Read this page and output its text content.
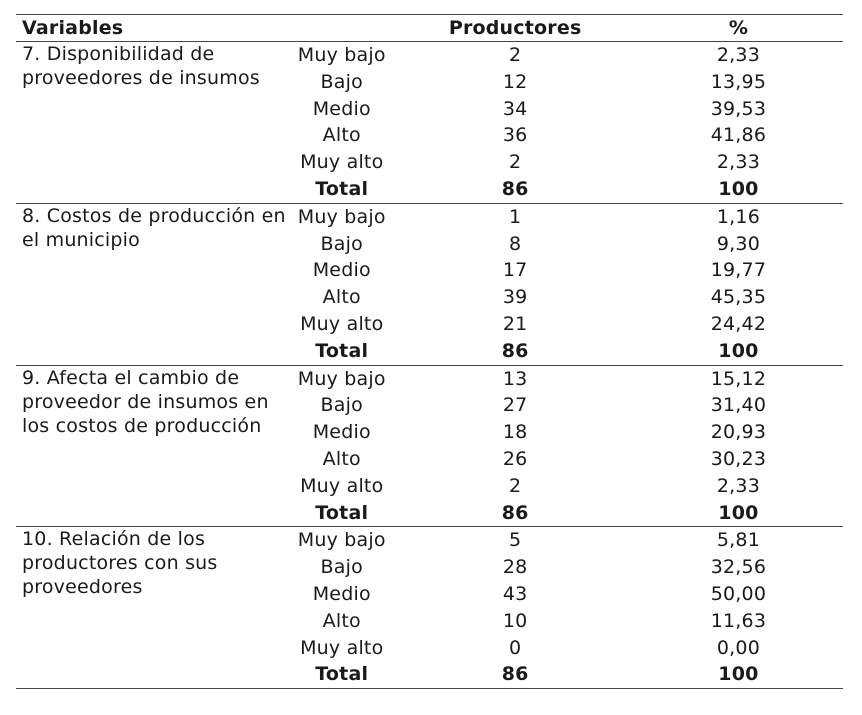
Variables		Productores	%

7. Disponibilidad de proveedores de insumos	Muy bajo	2	2,33
	Bajo	12	13,95
	Medio	34	39,53
	Alto	36	41,86
	Muy alto	2	2,33
	Total	86	100

8. Costos de producción en el municipio	Muy bajo	1	1,16
	Bajo	8	9,30
	Medio	17	19,77
	Alto	39	45,35
	Muy alto	21	24,42
	Total	86	100

9. Afecta el cambio de proveedor de insumos en los costos de producción	Muy bajo	13	15,12
	Bajo	27	31,40
	Medio	18	20,93
	Alto	26	30,23
	Muy alto	2	2,33
	Total	86	100

10. Relación de los productores con sus proveedores	Muy bajo	5	5,81
	Bajo	28	32,56
	Medio	43	50,00
	Alto	10	11,63
	Muy alto	0	0,00
	Total	86	100
